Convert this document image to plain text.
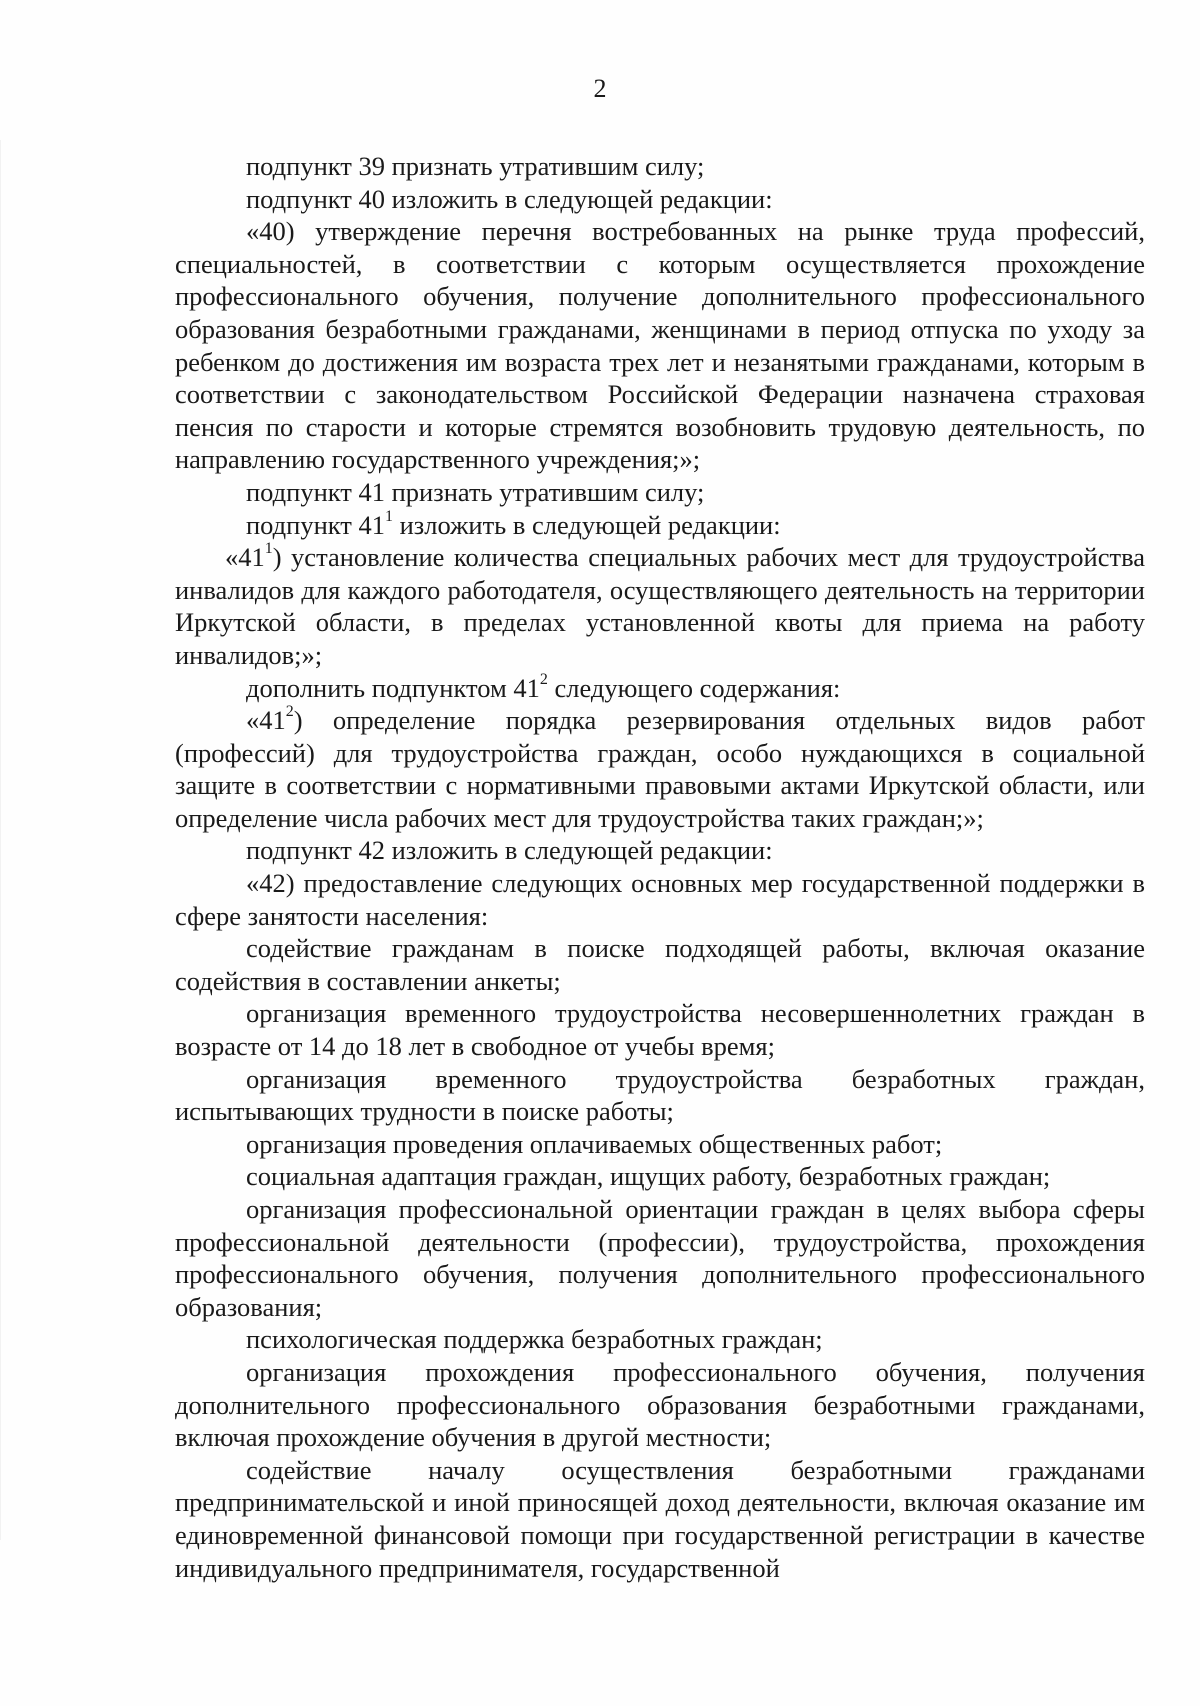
2

подпункт 39 признать утратившим силу;

подпункт 40 изложить в следующей редакции:

«40) утверждение перечня востребованных на рынке труда профессий, специальностей, в соответствии с которым осуществляется прохождение профессионального обучения, получение дополнительного профессионального образования безработными гражданами, женщинами в период отпуска по уходу за ребенком до достижения им возраста трех лет и незанятыми гражданами, которым в соответствии с законодательством Российской Федерации назначена страховая пенсия по старости и которые стремятся возобновить трудовую деятельность, по направлению государственного учреждения;»;

подпункт 41 признать утратившим силу;

подпункт $41^1$ изложить в следующей редакции:

«$41^1$) установление количества специальных рабочих мест для трудоустройства инвалидов для каждого работодателя, осуществляющего деятельность на территории Иркутской области, в пределах установленной квоты для приема на работу инвалидов;»;

дополнить подпунктом $41^2$ следующего содержания:

«$41^2$) определение порядка резервирования отдельных видов работ (профессий) для трудоустройства граждан, особо нуждающихся в социальной защите в соответствии с нормативными правовыми актами Иркутской области, или определение числа рабочих мест для трудоустройства таких граждан;»;

подпункт 42 изложить в следующей редакции:

«42) предоставление следующих основных мер государственной поддержки в сфере занятости населения:

содействие гражданам в поиске подходящей работы, включая оказание содействия в составлении анкеты;

организация временного трудоустройства несовершеннолетних граждан в возрасте от 14 до 18 лет в свободное от учебы время;

организация временного трудоустройства безработных граждан, испытывающих трудности в поиске работы;

организация проведения оплачиваемых общественных работ;

социальная адаптация граждан, ищущих работу, безработных граждан;

организация профессиональной ориентации граждан в целях выбора сферы профессиональной деятельности (профессии), трудоустройства, прохождения профессионального обучения, получения дополнительного профессионального образования;

психологическая поддержка безработных граждан;

организация прохождения профессионального обучения, получения дополнительного профессионального образования безработными гражданами, включая прохождение обучения в другой местности;

содействие началу осуществления безработными гражданами предпринимательской и иной приносящей доход деятельности, включая оказание им единовременной финансовой помощи при государственной регистрации в качестве индивидуального предпринимателя, государственной
